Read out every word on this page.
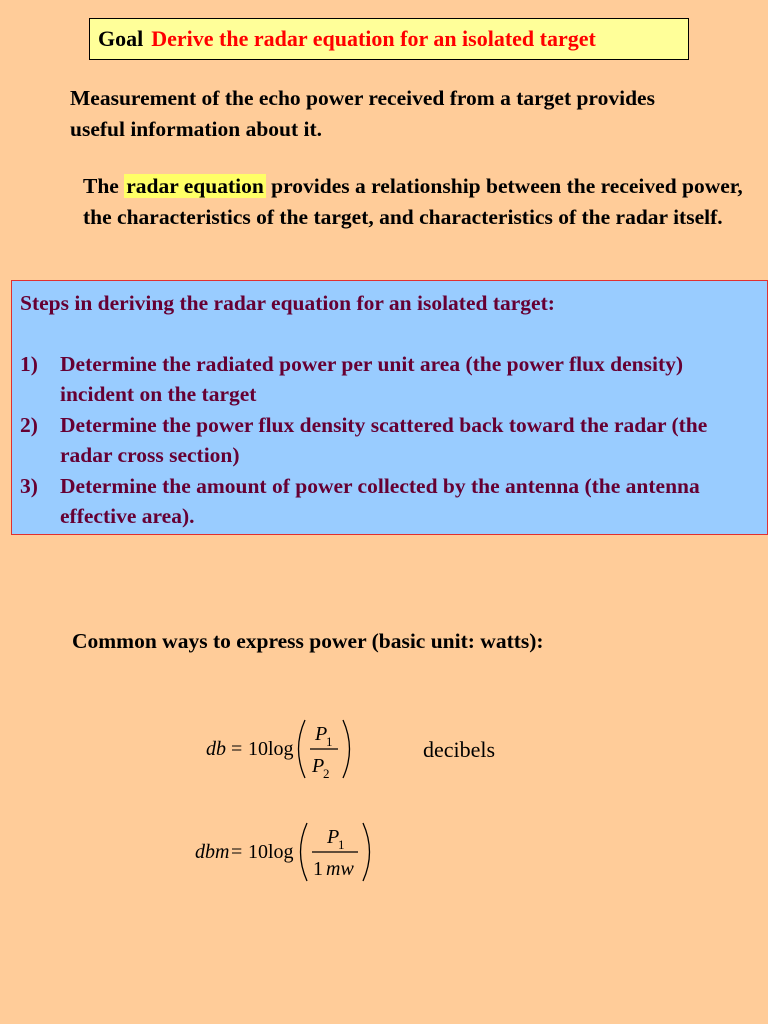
Goal Derive the radar equation for an isolated target

Measurement of the echo power received from a target provides useful information about it.

The radar equation provides a relationship between the received power, the characteristics of the target, and characteristics of the radar itself.

Steps in deriving the radar equation for an isolated target:

1)	Determine the radiated power per unit area (the power flux density) incident on the target
2)	Determine the power flux density scattered back toward the radar (the radar cross section)
3)	Determine the amount of power collected by the antenna (the antenna effective area).

Common ways to express power (basic unit: watts):

db = 10 log
P
1
P
2
decibels
dbm = 10 log
P
1
1 mw
